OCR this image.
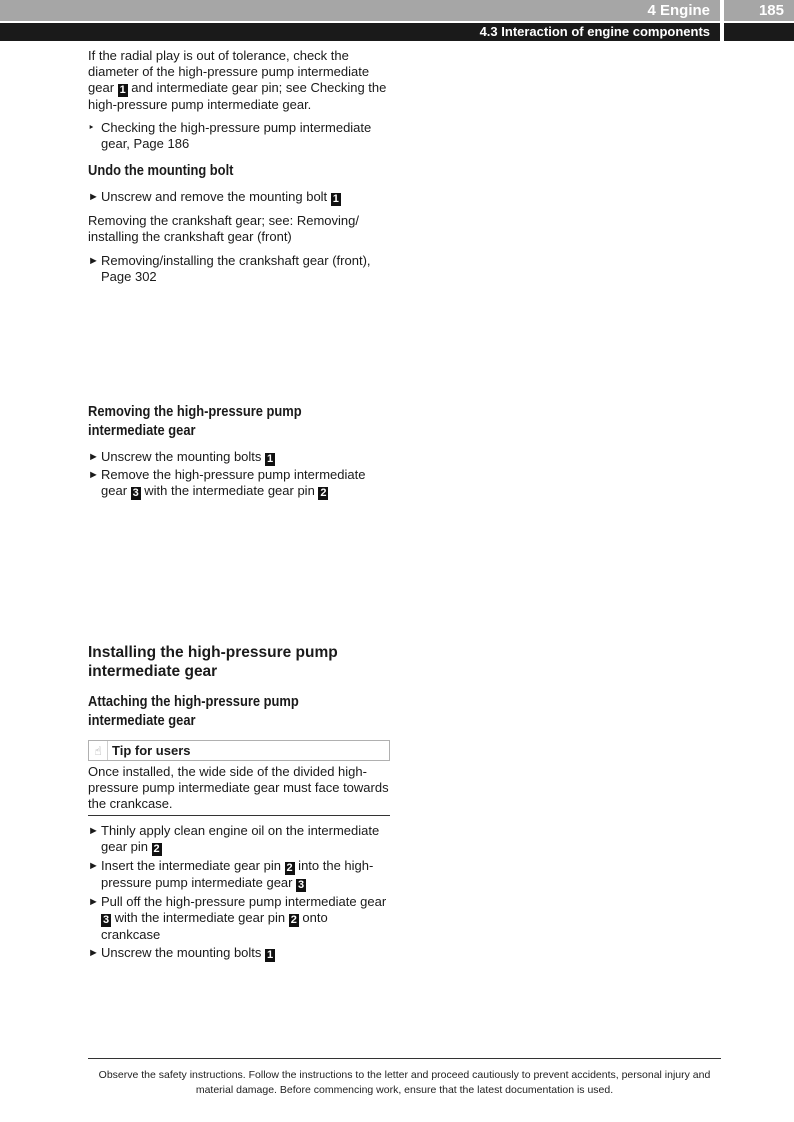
4 Engine	185
4.3 Interaction of engine components
If the radial play is out of tolerance, check the diameter of the high-pressure pump intermediate gear 1 and intermediate gear pin; see Checking the high-pressure pump intermediate gear.
‣ Checking the high-pressure pump intermediate gear, Page 186
Undo the mounting bolt
► Unscrew and remove the mounting bolt 1
Removing the crankshaft gear; see: Removing/ installing the crankshaft gear (front)
► Removing/installing the crankshaft gear (front), Page 302
Removing the high-pressure pump intermediate gear
► Unscrew the mounting bolts 1
► Remove the high-pressure pump intermediate gear 3 with the intermediate gear pin 2
Installing the high-pressure pump intermediate gear
Attaching the high-pressure pump intermediate gear
☝ Tip for users
Once installed, the wide side of the divided high-pressure pump intermediate gear must face towards the crankcase.
► Thinly apply clean engine oil on the intermediate gear pin 2
► Insert the intermediate gear pin 2 into the high-pressure pump intermediate gear 3
► Pull off the high-pressure pump intermediate gear 3 with the intermediate gear pin 2 onto crankcase
► Unscrew the mounting bolts 1
Observe the safety instructions. Follow the instructions to the letter and proceed cautiously to prevent accidents, personal injury and material damage. Before commencing work, ensure that the latest documentation is used.
